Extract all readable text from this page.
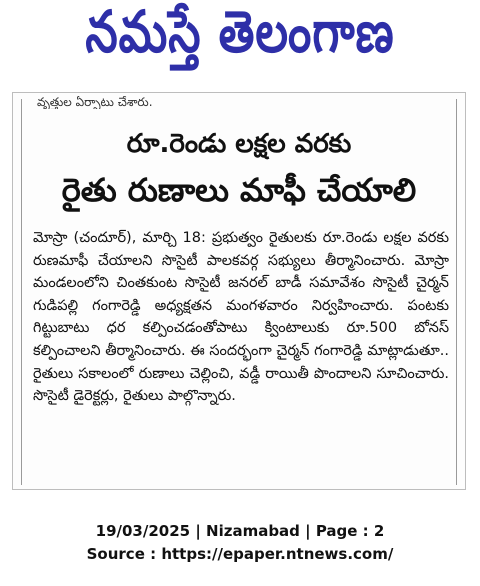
నమస్తే తెలంగాణ
వృత్తుల ఏర్పాటు చేశారు.
రూ.రెండు లక్షల వరకు
రైతు రుణాలు మాఫీ చేయాలి
మోస్రా (చందూర్), మార్చి 18: ప్రభుత్వం రైతులకు రూ.రెండు లక్షల వరకు రుణమాఫీ చేయాలని సొసైటీ పాలకవర్గ సభ్యులు తీర్మానించారు. మోస్రా మండలంలోని చింతకుంట సొసైటీ జనరల్ బాడీ సమావేశం సొసైటీ చైర్మన్ గుడిపల్లి గంగారెడ్డి అధ్యక్షతన మంగళవారం నిర్వహించారు. పంటకు గిట్టుబాటు ధర కల్పించడంతోపాటు క్వింటాలుకు రూ.500 బోనస్ కల్పించాలని తీర్మానించారు. ఈ సందర్భంగా చైర్మన్ గంగారెడ్డి మాట్లాడుతూ.. రైతులు సకాలంలో రుణాలు చెల్లించి, వడ్డీ రాయితీ పొందాలని సూచించారు. సొసైటీ డైరెక్టర్లు, రైతులు పాల్గొన్నారు.
19/03/2025 | Nizamabad | Page : 2
Source : https://epaper.ntnews.com/
